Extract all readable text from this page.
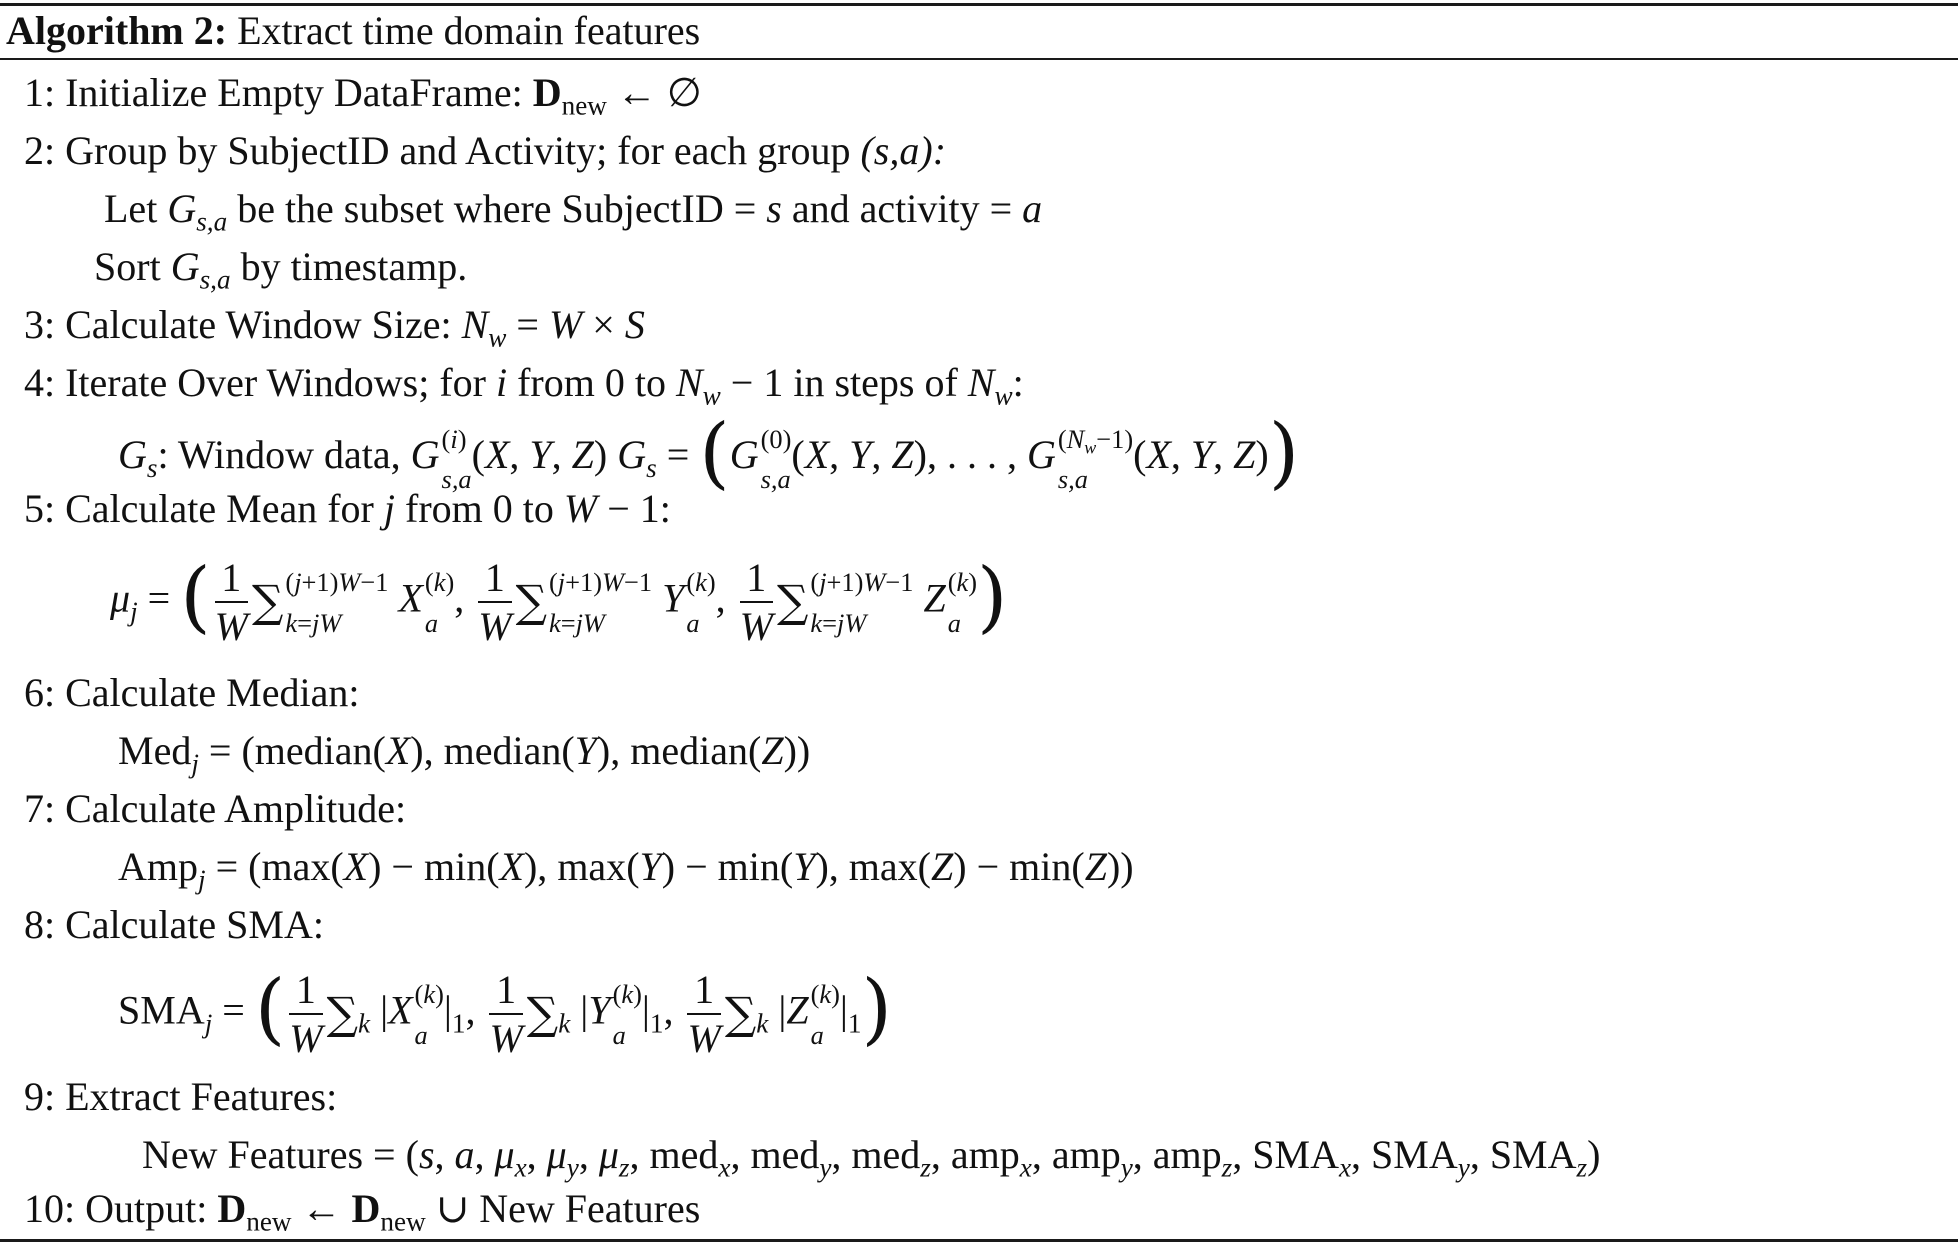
Algorithm 2: Extract time domain features
1: Initialize Empty DataFrame: $D_{new}$ ← ∅
2: Group by SubjectID and Activity; for each group (s,a):
Let $G_{s,a}$ be the subset where SubjectID = s and activity = a
Sort $G_{s,a}$ by timestamp.
3: Calculate Window Size: $N_w = W \times S$
4: Iterate Over Windows; for i from 0 to $N_w - 1$ in steps of $N_w$:
$G_s$: Window data, G (i)
s,a
(X, Y, Z) $G_s = (G$ (0)
s,a
(X, Y, Z), . . . , G $(N_w-1)$
s,a
(X, Y, Z))
5: Calculate Mean for j from 0 to W − 1:
$\mu_j$ = ( $\frac{1}{W}$ ∑ (j+1)W−1
k=jW
X (k)
a
, $\frac{1}{W}$ ∑ (j+1)W−1
k=jW
Y (k)
a
, $\frac{1}{W}$ ∑ (j+1)W−1
k=jW
Z (k)
a )
6: Calculate Median:
Med$_j$ = (median(X), median(Y), median(Z))
7: Calculate Amplitude:
Amp$_j$ = (max(X) − min(X), max(Y) − min(Y), max(Z) − min(Z))
8: Calculate SMA:
$SMA_j$ = ( $\frac{1}{W} \sum_k$ |X (k)
a
$|_1$, $\frac{1}{W} \sum_k$ |Y (k)
a
$|_1$, $\frac{1}{W} \sum_k$ |Z (k)
a
$|_1$)
9: Extract Features:
New Features = (s, a, $\mu_x$, $\mu_y$, $\mu_z$, med$_x$, med$_y$, med$_z$, amp$_x$, amp$_y$, amp$_z$, $SMA_x$, $SMA_y$, $SMA_z$)
10: Output: $D_{new}$ ← $D_{new}$ ∪ New Features
